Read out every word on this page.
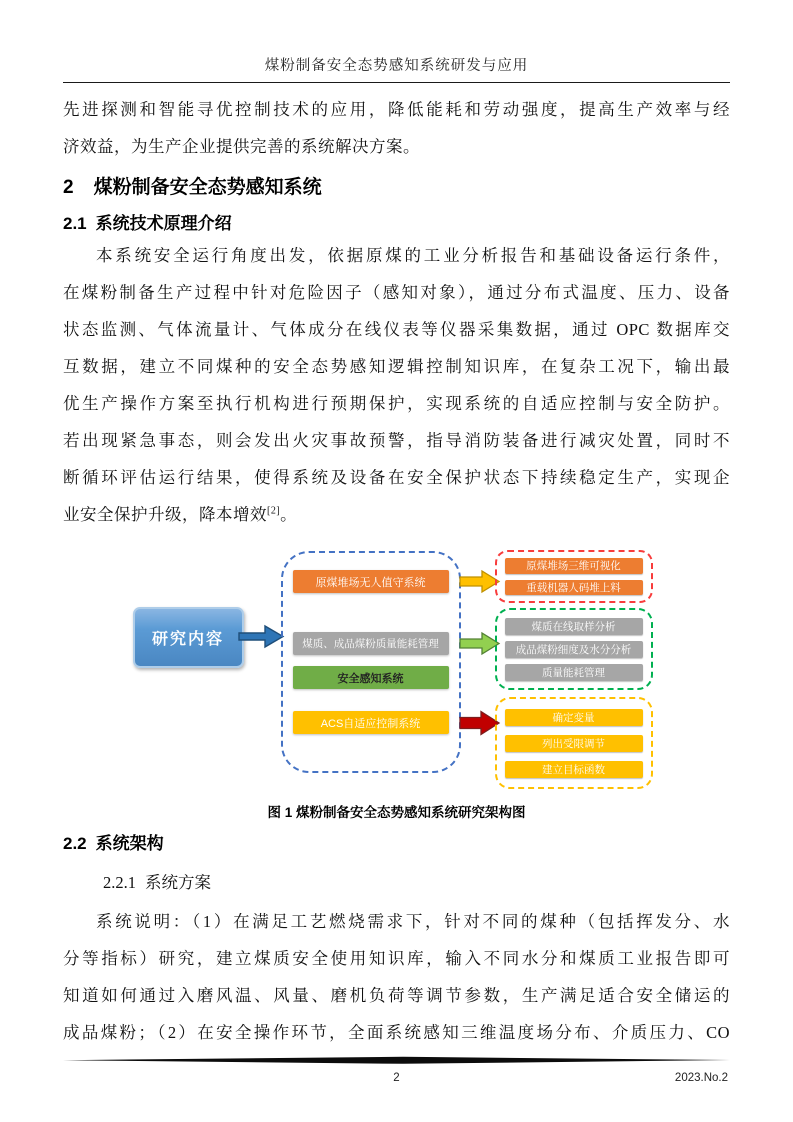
煤粉制备安全态势感知系统研发与应用
先进探测和智能寻优控制技术的应用，降低能耗和劳动强度，提高生产效率与经
济效益，为生产企业提供完善的系统解决方案。
2 煤粉制备安全态势感知系统
2.1 系统技术原理介绍
本系统安全运行角度出发，依据原煤的工业分析报告和基础设备运行条件，
在煤粉制备生产过程中针对危险因子（感知对象），通过分布式温度、压力、设备
状态监测、气体流量计、气体成分在线仪表等仪器采集数据，通过 OPC 数据库交
互数据，建立不同煤种的安全态势感知逻辑控制知识库，在复杂工况下，输出最
优生产操作方案至执行机构进行预期保护，实现系统的自适应控制与安全防护。
若出现紧急事态，则会发出火灾事故预警，指导消防装备进行减灾处置，同时不
断循环评估运行结果，使得系统及设备在安全保护状态下持续稳定生产，实现企
业安全保护升级，降本增效[2]。
研究内容
原煤堆场无人值守系统
煤质、成品煤粉质量能耗管理
安全感知系统
ACS自适应控制系统
原煤堆场三维可视化
重载机器人码堆上料
煤质在线取样分析
成品煤粉细度及水分分析
质量能耗管理
确定变量
列出受限调节
建立目标函数
图 1 煤粉制备安全态势感知系统研究架构图
2.2 系统架构
2.2.1 系统方案
系统说明：（1）在满足工艺燃烧需求下，针对不同的煤种（包括挥发分、水
分等指标）研究，建立煤质安全使用知识库，输入不同水分和煤质工业报告即可
知道如何通过入磨风温、风量、磨机负荷等调节参数，生产满足适合安全储运的
成品煤粉；（2）在安全操作环节，全面系统感知三维温度场分布、介质压力、CO
2	2023.No.2
